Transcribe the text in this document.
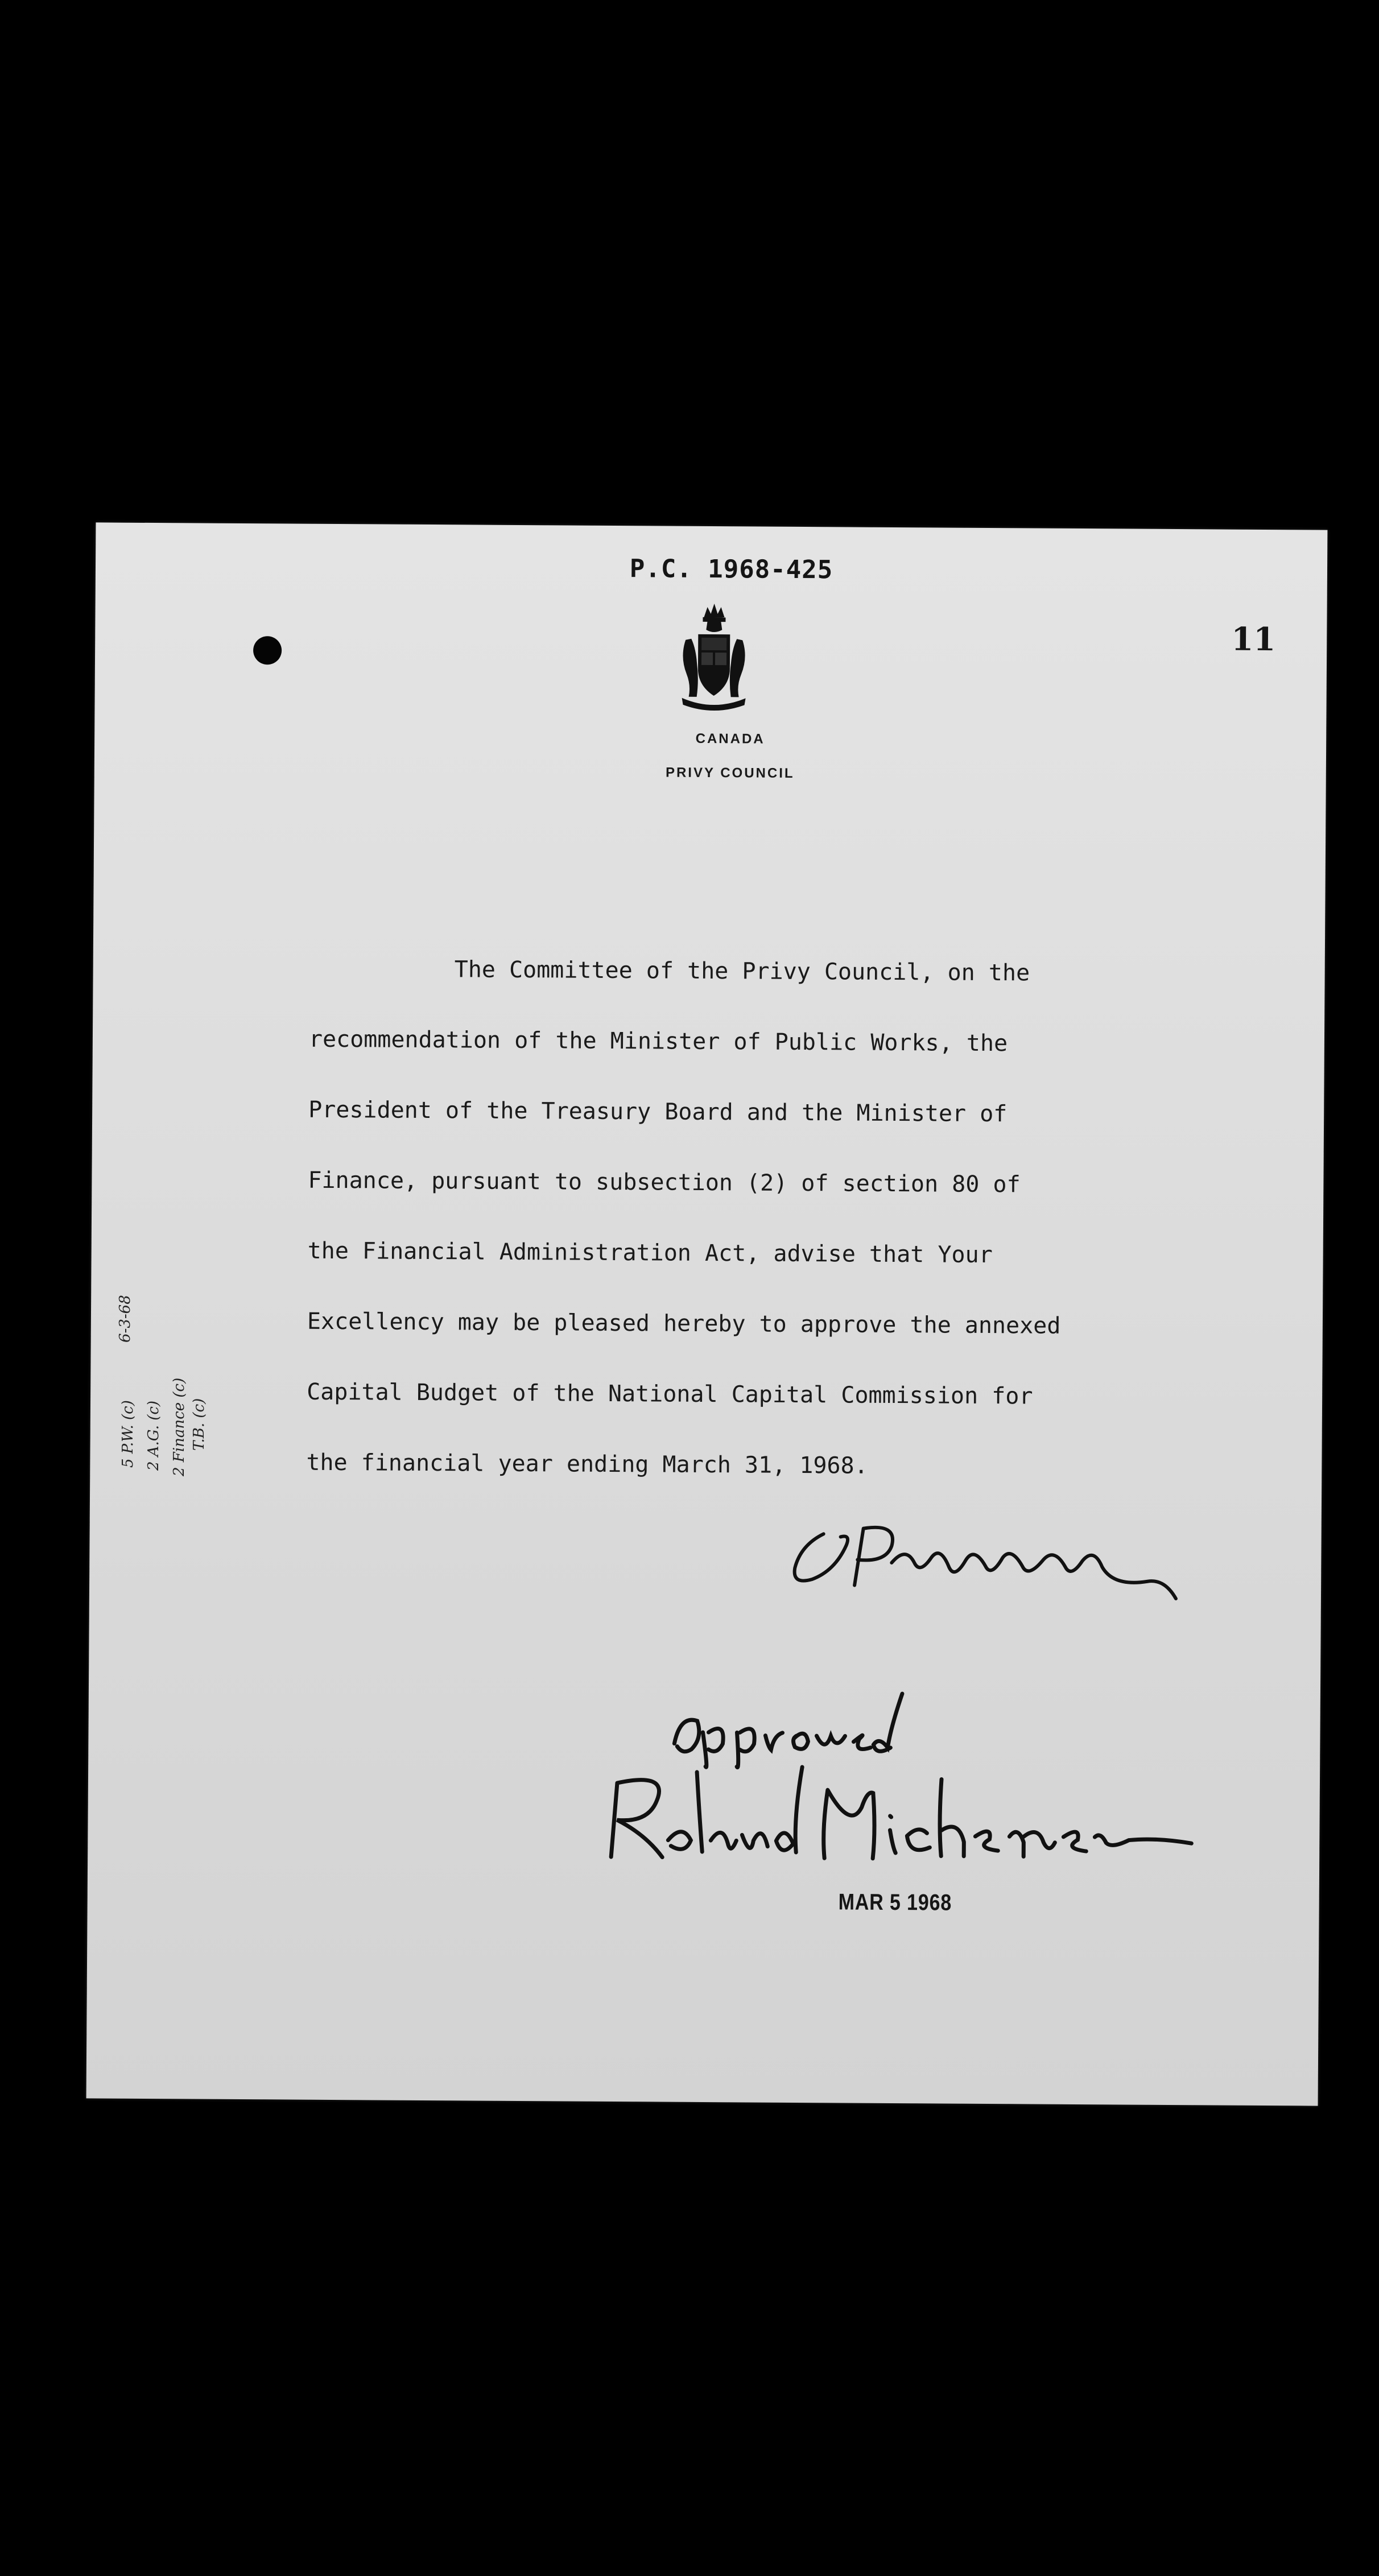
P.C. 1968-425
11
CANADA
PRIVY COUNCIL
The Committee of the Privy Council, on the
recommendation of the Minister of Public Works, the
President of the Treasury Board and the Minister of
Finance, pursuant to subsection (2) of section 80 of
the Financial Administration Act, advise that Your
Excellency may be pleased hereby to approve the annexed
Capital Budget of the National Capital Commission for
the financial year ending March 31, 1968.
MAR 5 1968
6-3-68
5 P.W. (c) 2 A.G. (c) 2 Finance (c) T.B. (c)
